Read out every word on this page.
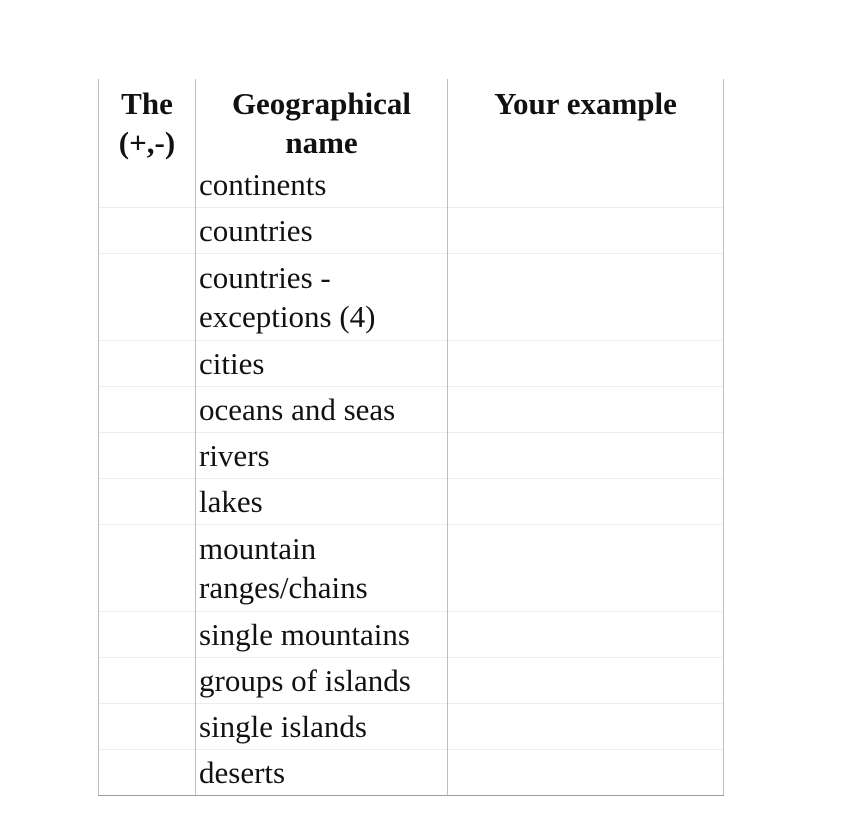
The (+,-)	Geographical name	Your example
	continents	
	countries	
	countries - exceptions (4)	
	cities	
	oceans and seas	
	rivers	
	lakes	
	mountain ranges/chains	
	single mountains	
	groups of islands	
	single islands	
	deserts	
